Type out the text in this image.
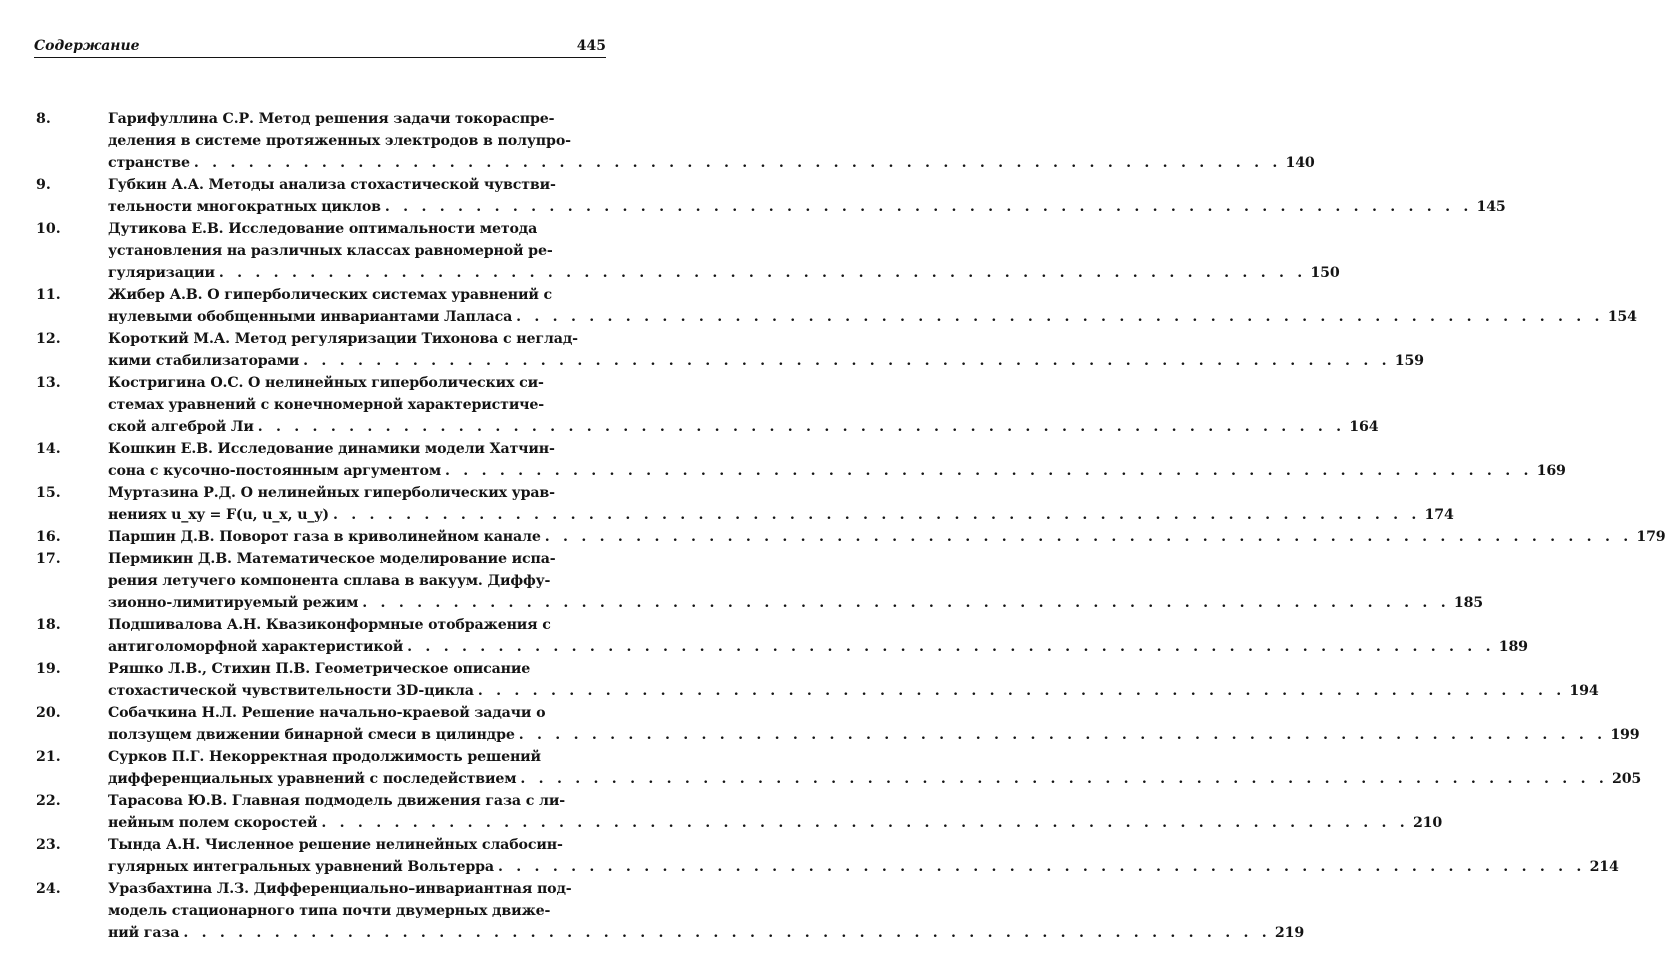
Содержание	445
8.	Гарифуллина С.Р. Метод решения задачи токораспре-
деления в системе протяженных электродов в полупро-
странстве . . . . . . . . . . . . . . . . . . . . . . . . . . . . . . . . . . . . . . . . . . . . . . . . . . . . . . . . . . . . 140
9.	Губкин А.А. Методы анализа стохастической чувстви-
тельности многократных циклов . . . . . . . . . . . . . . . . . . . . . . . . . . . . . . . . . . . . . . . . . . . . . . . . . . . . . . . . . . . . 145
10.	Дутикова Е.В. Исследование оптимальности метода
установления на различных классах равномерной ре-
гуляризации . . . . . . . . . . . . . . . . . . . . . . . . . . . . . . . . . . . . . . . . . . . . . . . . . . . . . . . . . . . . 150
11.	Жибер А.В. О гиперболических системах уравнений с
нулевыми обобщенными инвариантами Лапласа . . . . . . . . . . . . . . . . . . . . . . . . . . . . . . . . . . . . . . . . . . . . . . . . . . . . . . . . . . . . 154
12.	Короткий М.А. Метод регуляризации Тихонова с неглад-
кими стабилизаторами . . . . . . . . . . . . . . . . . . . . . . . . . . . . . . . . . . . . . . . . . . . . . . . . . . . . . . . . . . . . 159
13.	Костригина О.С. О нелинейных гиперболических си-
стемах уравнений с конечномерной характеристиче-
ской алгеброй Ли . . . . . . . . . . . . . . . . . . . . . . . . . . . . . . . . . . . . . . . . . . . . . . . . . . . . . . . . . . . . 164
14.	Кошкин Е.В. Исследование динамики модели Хатчин-
сона с кусочно-постоянным аргументом . . . . . . . . . . . . . . . . . . . . . . . . . . . . . . . . . . . . . . . . . . . . . . . . . . . . . . . . . . . . 169
15.	Муртазина Р.Д. О нелинейных гиперболических урав-
нениях u_xy = F(u, u_x, u_y) . . . . . . . . . . . . . . . . . . . . . . . . . . . . . . . . . . . . . . . . . . . . . . . . . . . . . . . . . . . . 174
16.	Паршин Д.В. Поворот газа в криволинейном канале . . . . . . . . . . . . . . . . . . . . . . . . . . . . . . . . . . . . . . . . . . . . . . . . . . . . . . . . . . . . 179
17.	Пермикин Д.В. Математическое моделирование испа-
рения летучего компонента сплава в вакуум. Диффу-
зионно-лимитируемый режим . . . . . . . . . . . . . . . . . . . . . . . . . . . . . . . . . . . . . . . . . . . . . . . . . . . . . . . . . . . . 185
18.	Подшивалова А.Н. Квазиконформные отображения с
антиголоморфной характеристикой . . . . . . . . . . . . . . . . . . . . . . . . . . . . . . . . . . . . . . . . . . . . . . . . . . . . . . . . . . . . 189
19.	Ряшко Л.В., Стихин П.В. Геометрическое описание
стохастической чувствительности 3D-цикла . . . . . . . . . . . . . . . . . . . . . . . . . . . . . . . . . . . . . . . . . . . . . . . . . . . . . . . . . . . . 194
20.	Собачкина Н.Л. Решение начально-краевой задачи о
ползущем движении бинарной смеси в цилиндре . . . . . . . . . . . . . . . . . . . . . . . . . . . . . . . . . . . . . . . . . . . . . . . . . . . . . . . . . . . . 199
21.	Сурков П.Г. Некорректная продолжимость решений
дифференциальных уравнений с последействием . . . . . . . . . . . . . . . . . . . . . . . . . . . . . . . . . . . . . . . . . . . . . . . . . . . . . . . . . . . . 205
22.	Тарасова Ю.В. Главная подмодель движения газа с ли-
нейным полем скоростей . . . . . . . . . . . . . . . . . . . . . . . . . . . . . . . . . . . . . . . . . . . . . . . . . . . . . . . . . . . . 210
23.	Тында А.Н. Численное решение нелинейных слабосин-
гулярных интегральных уравнений Вольтерра . . . . . . . . . . . . . . . . . . . . . . . . . . . . . . . . . . . . . . . . . . . . . . . . . . . . . . . . . . . . 214
24.	Уразбахтина Л.З. Дифференциально–инвариантная под-
модель стационарного типа почти двумерных движе-
ний газа . . . . . . . . . . . . . . . . . . . . . . . . . . . . . . . . . . . . . . . . . . . . . . . . . . . . . . . . . . . . 219
